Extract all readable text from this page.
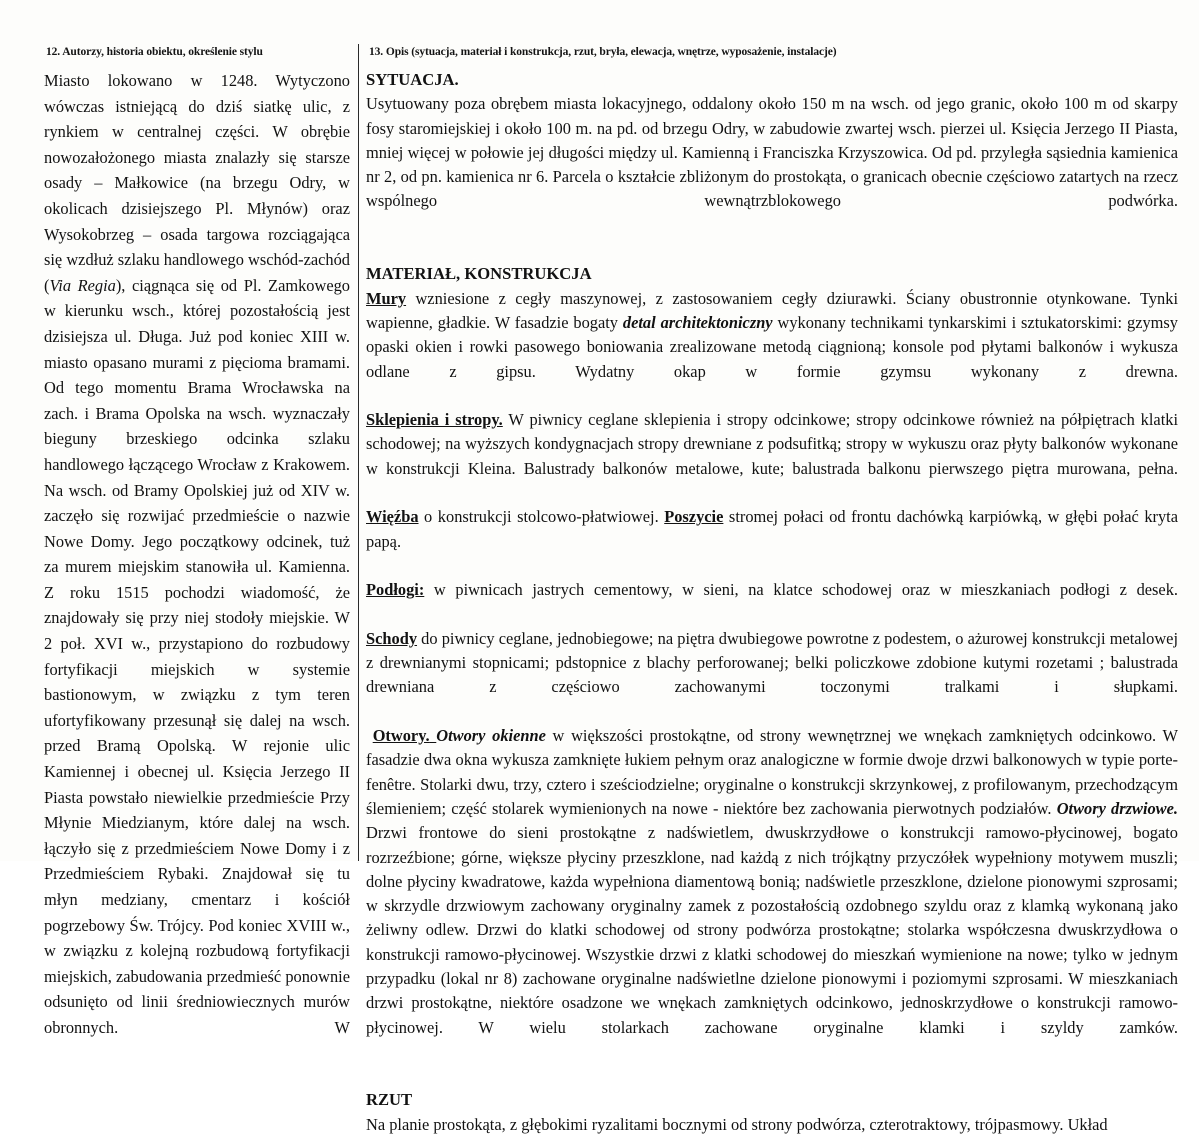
12. Autorzy, historia obiektu, określenie stylu	13. Opis (sytuacja, materiał i konstrukcja, rzut, bryła, elewacja, wnętrze, wyposażenie, instalacje)

Miasto lokowano w 1248. Wytyczono wówczas istniejącą do dziś siatkę ulic, z rynkiem w centralnej części. W obrębie nowozałożonego miasta znalazły się starsze osady – Małkowice (na brzegu Odry, w okolicach dzisiejszego Pl. Młynów) oraz Wysokobrzeg – osada targowa rozciągająca się wzdłuż szlaku handlowego wschód-zachód (Via Regia), ciągnąca się od Pl. Zamkowego w kierunku wsch., której pozostałością jest dzisiejsza ul. Długa. Już pod koniec XIII w. miasto opasano murami z pięcioma bramami. Od tego momentu Brama Wrocławska na zach. i Brama Opolska na wsch. wyznaczały bieguny brzeskiego odcinka szlaku handlowego łączącego Wrocław z Krakowem. Na wsch. od Bramy Opolskiej już od XIV w. zaczęło się rozwijać przedmieście o nazwie Nowe Domy. Jego początkowy odcinek, tuż za murem miejskim stanowiła ul. Kamienna. Z roku 1515 pochodzi wiadomość, że znajdowały się przy niej stodoły miejskie. W 2 poł. XVI w., przystapiono do rozbudowy fortyfikacji miejskich w systemie bastionowym, w związku z tym teren ufortyfikowany przesunął się dalej na wsch. przed Bramą Opolską. W rejonie ulic Kamiennej i obecnej ul. Księcia Jerzego II Piasta powstało niewielkie przedmieście Przy Młynie Miedzianym, które dalej na wsch. łączyło się z przedmieściem Nowe Domy i z Przedmieściem Rybaki. Znajdował się tu młyn medziany, cmentarz i kościół pogrzebowy Św. Trójcy. Pod koniec XVIII w., w związku z kolejną rozbudową fortyfikacji miejskich, zabudowania przedmieść ponownie odsunięto od linii średniowiecznych murów obronnych. W

SYTUACJA.

Usytuowany poza obrębem miasta lokacyjnego, oddalony około 150 m na wsch. od jego granic, około 100 m od skarpy fosy staromiejskiej i około 100 m. na pd. od brzegu Odry, w zabudowie zwartej wsch. pierzei ul. Księcia Jerzego II Piasta, mniej więcej w połowie jej długości między ul. Kamienną i Franciszka Krzyszowica. Od pd. przyległa sąsiednia kamienica nr 2, od pn. kamienica nr 6. Parcela o kształcie zbliżonym do prostokąta, o granicach obecnie częściowo zatartych na rzecz wspólnego wewnątrzblokowego podwórka.

MATERIAŁ, KONSTRUKCJA

Mury wzniesione z cegły maszynowej, z zastosowaniem cegły dziurawki. Ściany obustronnie otynkowane. Tynki wapienne, gładkie. W fasadzie bogaty detal architektoniczny wykonany technikami tynkarskimi i sztukatorskimi: gzymsy opaski okien i rowki pasowego boniowania zrealizowane metodą ciągnioną; konsole pod płytami balkonów i wykusza odlane z gipsu. Wydatny okap w formie gzymsu wykonany z drewna.

Sklepienia i stropy. W piwnicy ceglane sklepienia i stropy odcinkowe; stropy odcinkowe również na półpiętrach klatki schodowej; na wyższych kondygnacjach stropy drewniane z podsufitką; stropy w wykuszu oraz płyty balkonów wykonane w konstrukcji Kleina. Balustrady balkonów metalowe, kute; balustrada balkonu pierwszego piętra murowana, pełna.

Więźba o konstrukcji stolcowo-płatwiowej. Poszycie stromej połaci od frontu dachówką karpiówką, w głębi połać kryta papą.

Podłogi: w piwnicach jastrych cementowy, w sieni, na klatce schodowej oraz w mieszkaniach podłogi z desek.

Schody do piwnicy ceglane, jednobiegowe; na piętra dwubiegowe powrotne z podestem, o ażurowej konstrukcji metalowej z drewnianymi stopnicami; pdstopnice z blachy perforowanej; belki policzkowe zdobione kutymi rozetami ; balustrada drewniana z częściowo zachowanymi toczonymi tralkami i słupkami.

Otwory. Otwory okienne w większości prostokątne, od strony wewnętrznej we wnękach zamkniętych odcinkowo. W fasadzie dwa okna wykusza zamknięte łukiem pełnym oraz analogiczne w formie dwoje drzwi balkonowych w typie porte-fenêtre. Stolarki dwu, trzy, cztero i sześciodzielne; oryginalne o konstrukcji skrzynkowej, z profilowanym, przechodzącym ślemieniem; część stolarek wymienionych na nowe - niektóre bez zachowania pierwotnych podziałów. Otwory drzwiowe. Drzwi frontowe do sieni prostokątne z nadświetlem, dwuskrzydłowe o konstrukcji ramowo-płycinowej, bogato rozrzeźbione; górne, większe płyciny przeszklone, nad każdą z nich trójkątny przyczółek wypełniony motywem muszli; dolne płyciny kwadratowe, każda wypełniona diamentową bonią; nadświetle przeszklone, dzielone pionowymi szprosami; w skrzydle drzwiowym zachowany oryginalny zamek z pozostałością ozdobnego szyldu oraz z klamką wykonaną jako żeliwny odlew. Drzwi do klatki schodowej od strony podwórza prostokątne; stolarka współczesna dwuskrzydłowa o konstrukcji ramowo-płycinowej. Wszystkie drzwi z klatki schodowej do mieszkań wymienione na nowe; tylko w jednym przypadku (lokal nr 8) zachowane oryginalne nadświetlne dzielone pionowymi i poziomymi szprosami. W mieszkaniach drzwi prostokątne, niektóre osadzone we wnękach zamkniętych odcinkowo, jednoskrzydłowe o konstrukcji ramowo-płycinowej. W wielu stolarkach zachowane oryginalne klamki i szyldy zamków.

RZUT

Na planie prostokąta, z głębokimi ryzalitami bocznymi od strony podwórza, czterotraktowy, trójpasmowy. Układ
